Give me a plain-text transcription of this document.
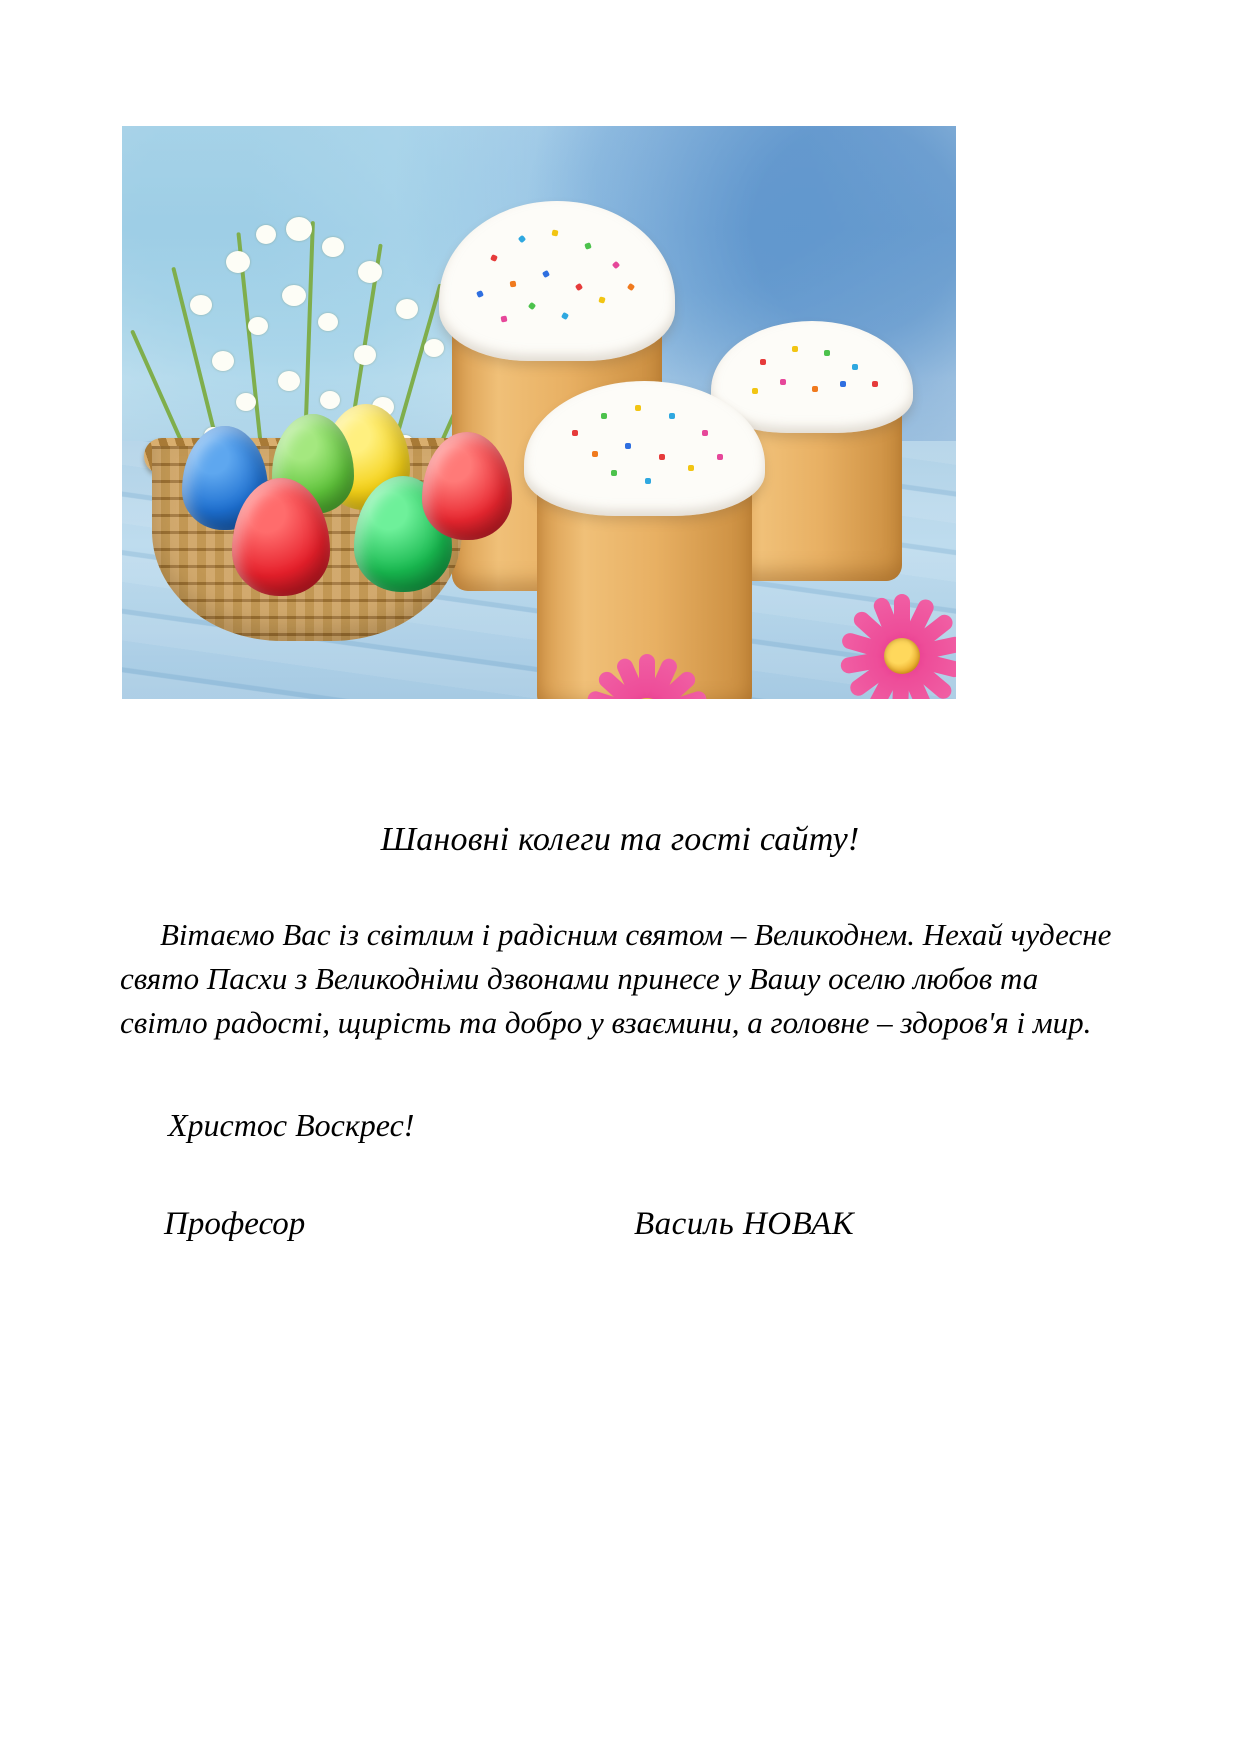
Шановні колеги та гості сайту!

Вітаємо Вас із світлим і радісним святом – Великоднем. Нехай чудесне свято Пасхи з Великодніми дзвонами принесе у Вашу оселю любов та світло радості, щирість та добро у взаємини, а головне – здоров'я і мир.

Христос Воскрес!

Професор	Василь НОВАК
